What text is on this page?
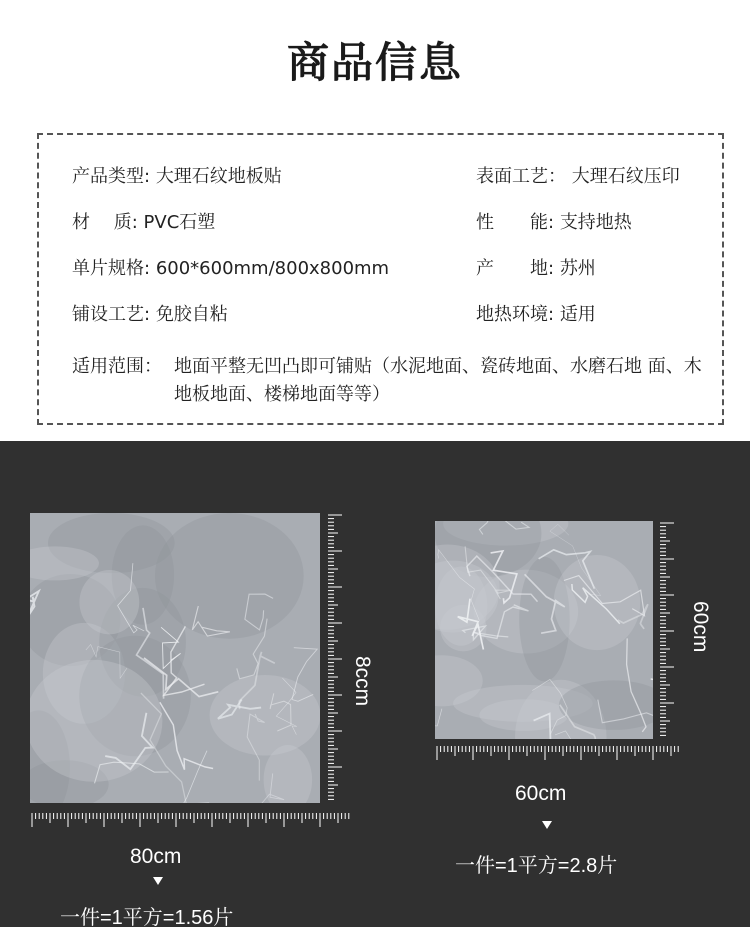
商品信息
产品类型: 大理石纹地板贴	表面工艺： 大理石纹压印
材　 质: PVC石塑	性　　能: 支持地热
单片规格: 600*600mm/800x800mm	产　　地: 苏州
铺设工艺: 免胶自粘	地热环境: 适用
适用范围： 地面平整无凹凸即可铺贴（水泥地面、瓷砖地面、水磨石地 面、木地板地面、楼梯地面等等）
8ccm
80cm
一件=1平方=1.56片
60cm
60cm
一件=1平方=2.8片
